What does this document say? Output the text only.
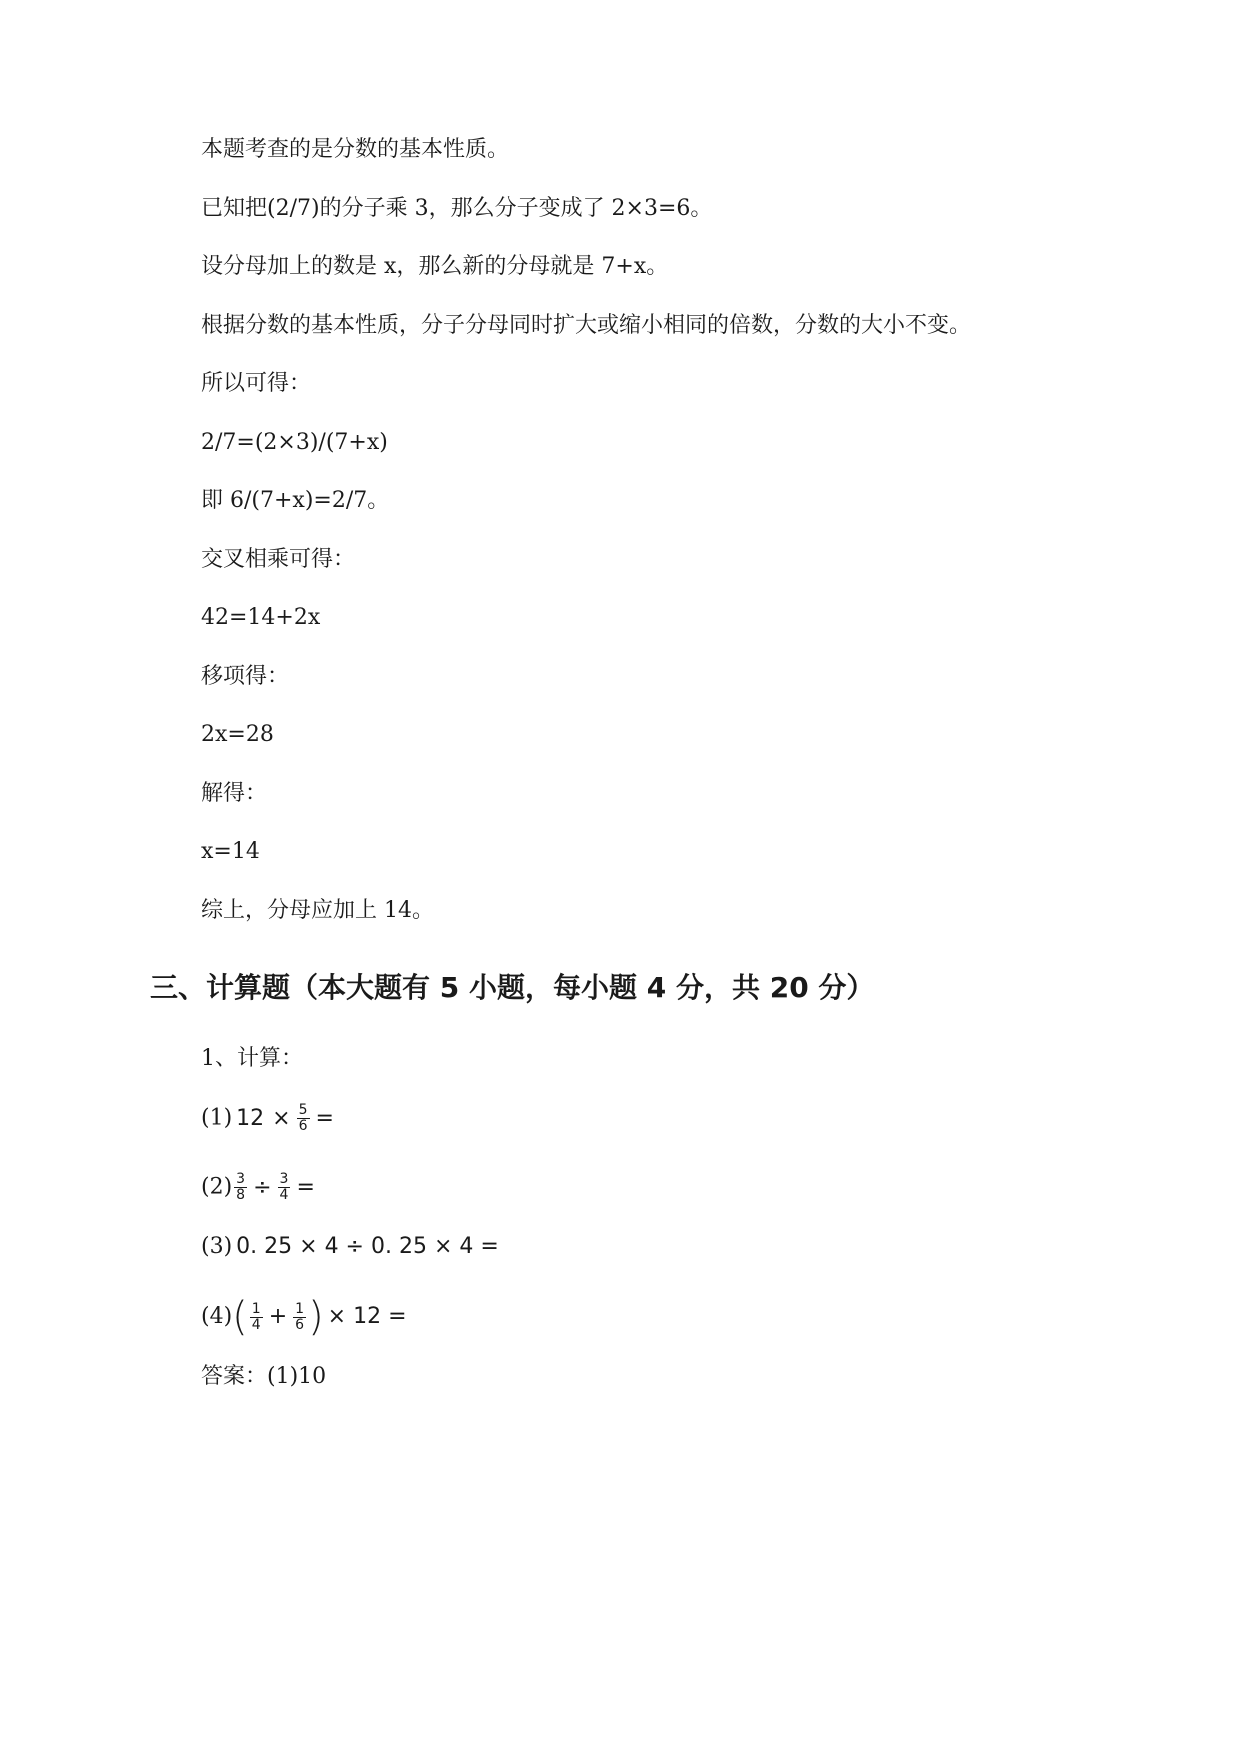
本题考查的是分数的基本性质。
已知把(2/7)的分子乘 3，那么分子变成了 2×3=6。
设分母加上的数是 x，那么新的分母就是 7+x。
根据分数的基本性质，分子分母同时扩大或缩小相同的倍数，分数的大小不变。
所以可得：
2/7=(2×3)/(7+x)
即 6/(7+x)=2/7。
交叉相乘可得：
42=14+2x
移项得：
2x=28
解得：
x=14
综上，分母应加上 14。
三、计算题（本大题有 5 小题，每小题 4 分，共 20 分）
1、计算：
(1) $12 \times \frac{5}{6}$ =
$(2) \frac{3}{8} \div \frac{3}{4}$ =
(3) 0. 25 × 4 ÷ 0. 25 × 4 =
$(4)( \frac{1}{4} + \frac{1}{6}$ ) × 12 =
答案：(1)10
